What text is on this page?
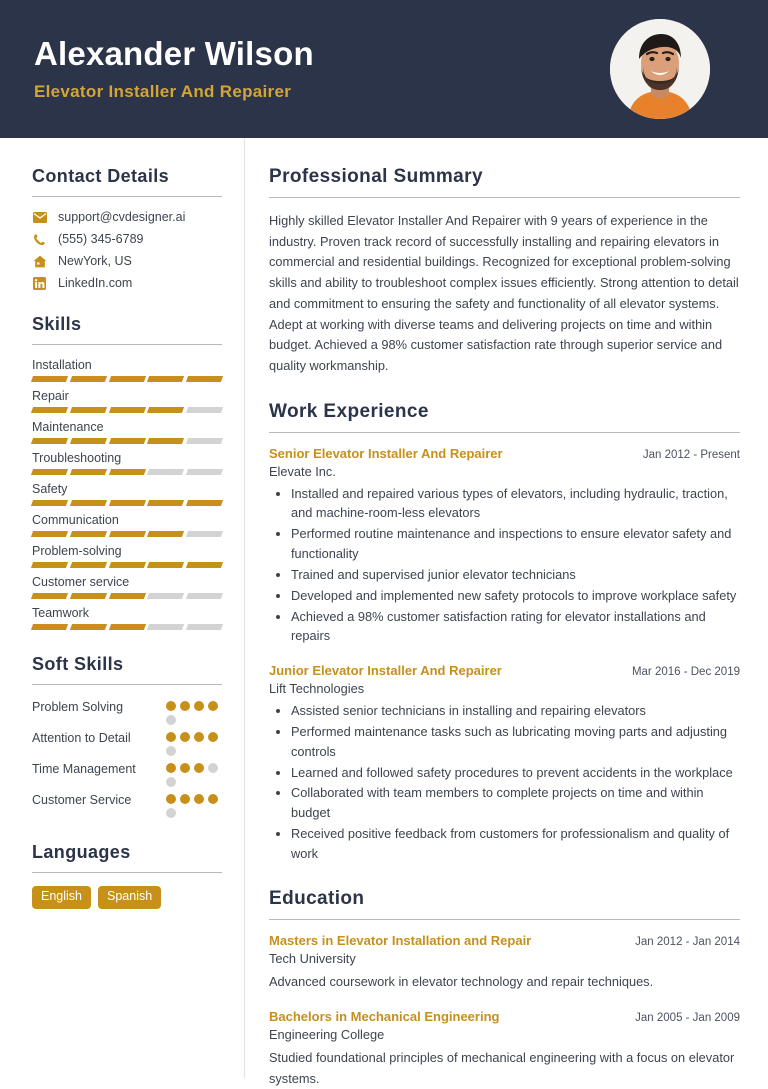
Alexander Wilson
Elevator Installer And Repairer
Contact Details
support@cvdesigner.ai
(555) 345-6789
NewYork, US
LinkedIn.com
Skills
Installation
Repair
Maintenance
Troubleshooting
Safety
Communication
Problem-solving
Customer service
Teamwork
Soft Skills
Problem Solving
Attention to Detail
Time Management
Customer Service
Languages
English	Spanish
Professional Summary

Highly skilled Elevator Installer And Repairer with 9 years of experience in the industry. Proven track record of successfully installing and repairing elevators in commercial and residential buildings. Recognized for exceptional problem-solving skills and ability to troubleshoot complex issues efficiently. Strong attention to detail and commitment to ensuring the safety and functionality of all elevator systems. Adept at working with diverse teams and delivering projects on time and within budget. Achieved a 98% customer satisfaction rate through superior service and quality workmanship.

Work Experience
Senior Elevator Installer And Repairer	Jan 2012 - Present
Elevate Inc.
• Installed and repaired various types of elevators, including hydraulic, traction, and machine-room-less elevators
• Performed routine maintenance and inspections to ensure elevator safety and functionality
• Trained and supervised junior elevator technicians
• Developed and implemented new safety protocols to improve workplace safety
• Achieved a 98% customer satisfaction rating for elevator installations and repairs
Junior Elevator Installer And Repairer	Mar 2016 - Dec 2019
Lift Technologies
• Assisted senior technicians in installing and repairing elevators
• Performed maintenance tasks such as lubricating moving parts and adjusting controls
• Learned and followed safety procedures to prevent accidents in the workplace
• Collaborated with team members to complete projects on time and within budget
• Received positive feedback from customers for professionalism and quality of work
Education
Masters in Elevator Installation and Repair	Jan 2012 - Jan 2014
Tech University

Advanced coursework in elevator technology and repair techniques.

Bachelors in Mechanical Engineering	Jan 2005 - Jan 2009
Engineering College

Studied foundational principles of mechanical engineering with a focus on elevator systems.
